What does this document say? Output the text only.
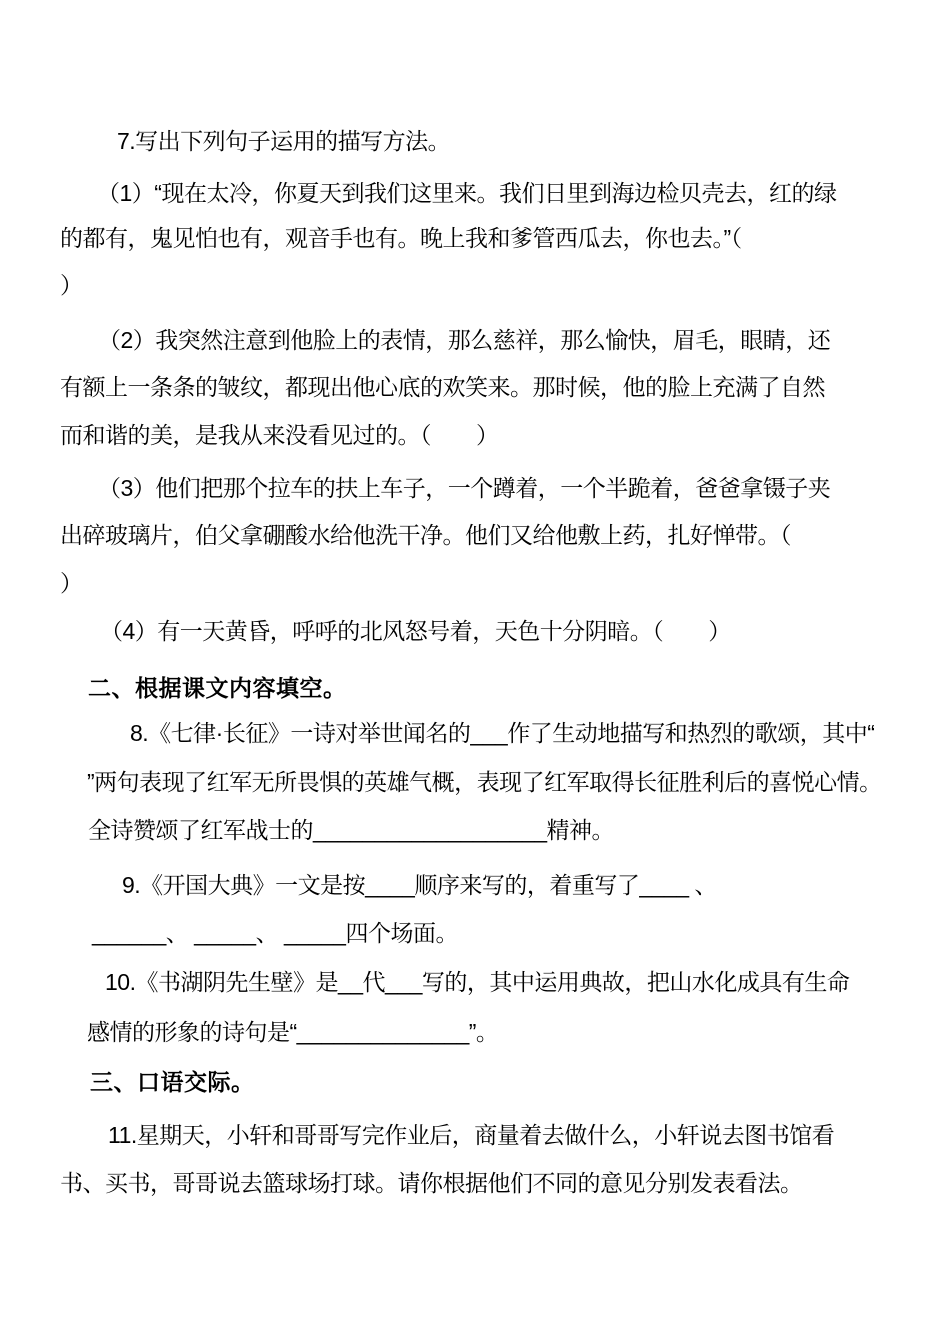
7.写出下列句子运用的描写方法。
（1）“现在太冷，你夏天到我们这里来。我们日里到海边检贝壳去，红的绿
的都有，鬼见怕也有，观音手也有。晚上我和爹管西瓜去，你也去。”（
）
（2）我突然注意到他脸上的表情，那么慈祥，那么愉快，眉毛，眼睛，还
有额上一条条的皱纹，都现出他心底的欢笑来。那时候，他的脸上充满了自然
而和谐的美，是我从来没看见过的。（　　）
（3）他们把那个拉车的扶上车子，一个蹲着，一个半跪着，爸爸拿镊子夹
出碎玻璃片，伯父拿硼酸水给他洗干净。他们又给他敷上药，扎好惮带。（
）
（4）有一天黄昏，呼呼的北风怒号着，天色十分阴暗。（　　）
二、根据课文内容填空。
8.《七律·长征》一诗对举世闻名的___作了生动地描写和热烈的歌颂，其中“
”两句表现了红军无所畏惧的英雄气概，表现了红军取得长征胜利后的喜悦心情。
全诗赞颂了红军战士的___________________精神。
9.《开国大典》一文是按____顺序来写的，着重写了____ 、
______、 _____、 _____四个场面。
10.《书湖阴先生壁》是__代___写的，其中运用典故，把山水化成具有生命
感情的形象的诗句是“______________”。
三、口语交际。
11.星期天，小轩和哥哥写完作业后，商量着去做什么，小轩说去图书馆看
书、买书，哥哥说去篮球场打球。请你根据他们不同的意见分别发表看法。
